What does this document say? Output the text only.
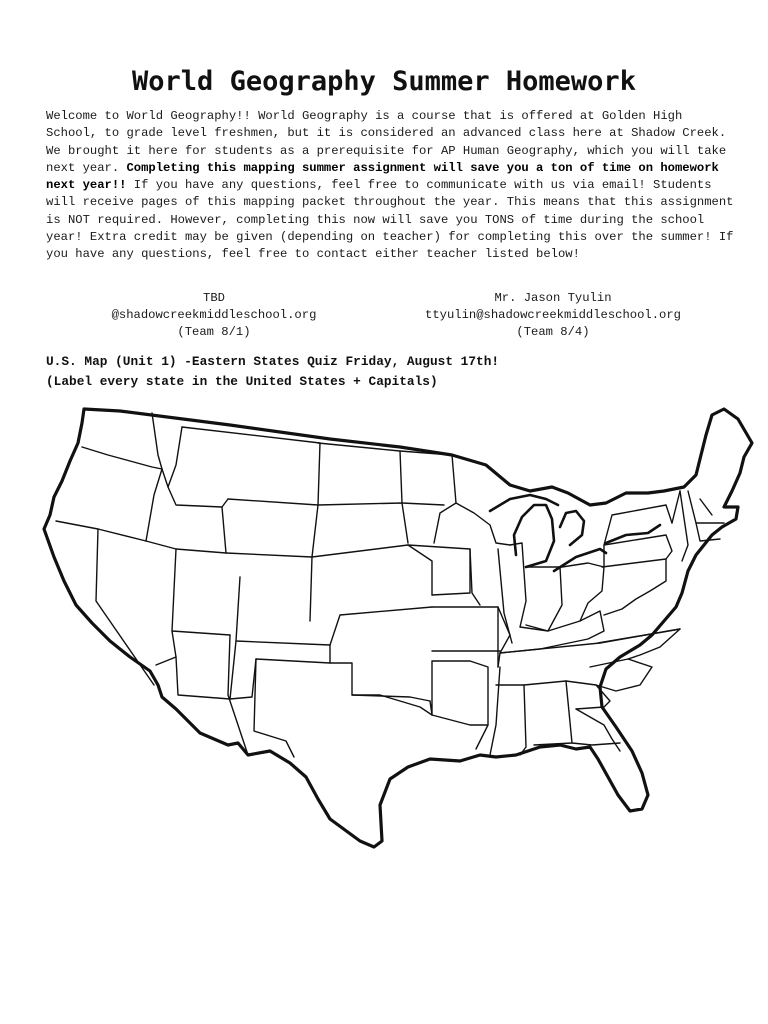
World Geography Summer Homework

Welcome to World Geography!! World Geography is a course that is offered at Golden High School, to grade level freshmen, but it is considered an advanced class here at Shadow Creek. We brought it here for students as a prerequisite for AP Human Geography, which you will take next year. Completing this mapping summer assignment will save you a ton of time on homework next year!! If you have any questions, feel free to communicate with us via email! Students will receive pages of this mapping packet throughout the year. This means that this assignment is NOT required. However, completing this now will save you TONS of time during the school year! Extra credit may be given (depending on teacher) for completing this over the summer! If you have any questions, feel free to contact either teacher listed below!

TBD
@shadowcreekmiddleschool.org
(Team 8/1)
Mr. Jason Tyulin
ttyulin@shadowcreekmiddleschool.org
(Team 8/4)
U.S. Map (Unit 1) -Eastern States Quiz Friday, August 17th!
(Label every state in the United States + Capitals)
